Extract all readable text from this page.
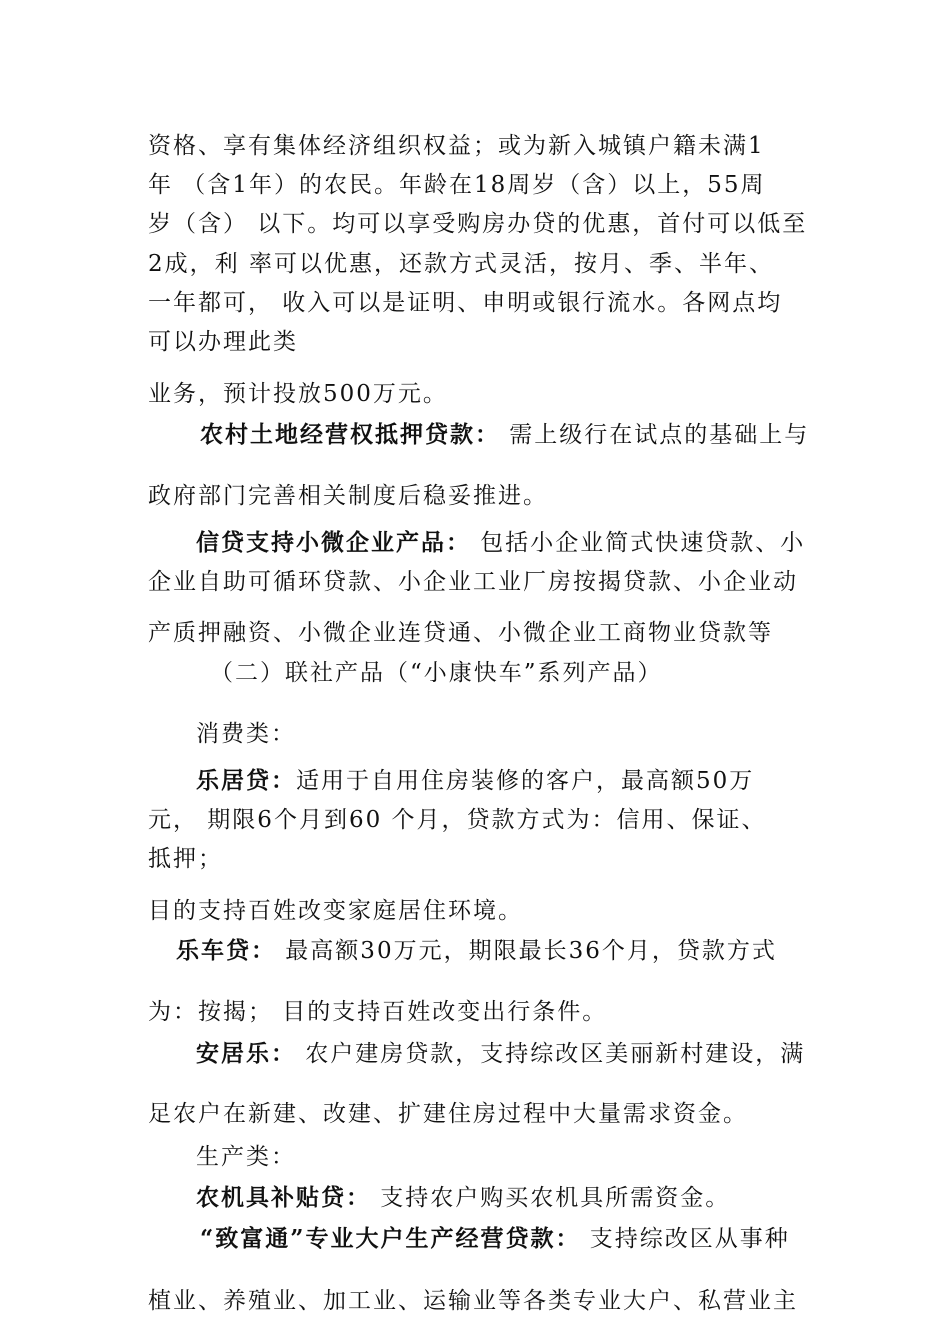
资格、享有集体经济组织权益；或为新入城镇户籍未满1
年 （含1年）的农民。年龄在18周岁（含）以上，55周
岁（含） 以下。均可以享受购房办贷的优惠，首付可以低至
2成，利 率可以优惠，还款方式灵活，按月、季、半年、
一年都可， 收入可以是证明、申明或银行流水。各网点均
可以办理此类
业务，预计投放500万元。
农村土地经营权抵押贷款： 需上级行在试点的基础上与
政府部门完善相关制度后稳妥推进。
信贷支持小微企业产品： 包括小企业简式快速贷款、小
企业自助可循环贷款、小企业工业厂房按揭贷款、小企业动
产质押融资、小微企业连贷通、小微企业工商物业贷款等
（二）联社产品（“小康快车”系列产品）
消费类：
乐居贷：适用于自用住房装修的客户，最高额50万
元， 期限6个月到60 个月，贷款方式为：信用、保证、
抵押；
目的支持百姓改变家庭居住环境。
乐车贷： 最高额30万元，期限最长36个月，贷款方式
为：按揭； 目的支持百姓改变出行条件。
安居乐： 农户建房贷款，支持综改区美丽新村建设，满
足农户在新建、改建、扩建住房过程中大量需求资金。
生产类：
农机具补贴贷： 支持农户购买农机具所需资金。
“致富通”专业大户生产经营贷款： 支持综改区从事种
植业、养殖业、加工业、运输业等各类专业大户、私营业主
